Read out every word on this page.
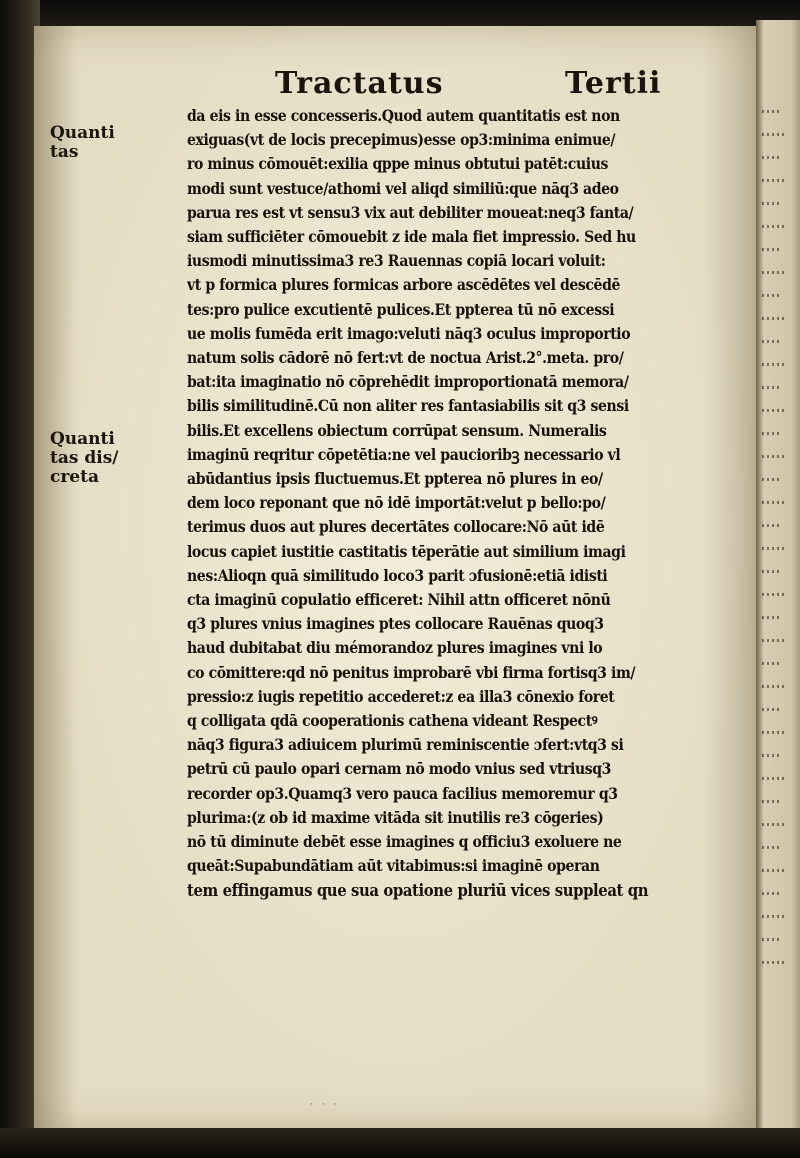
Tractatus	Tertii
Quanti
tas
Quanti
tas dis/
creta
da eis in esse concesseris.Quod autem quantitatis est non
exiguas(vt de locis precepimus)esse op3:minima enimue/
ro minus cōmouēt:exilia qppe minus obtutui patēt:cuius
modi sunt vestuce/athomi vel aliqd similiū:que nāq3 adeo
parua res est vt sensu3 vix aut debiliter moueat:neq3 fanta/
siam sufficiēter cōmouebit z ide mala fiet impressio. Sed hu
iusmodi minutissima3 re3 Rauennas copiā locari voluit:
vt p formica plures formicas arbore ascēdētes vel descēdē
tes:pro pulice excutientē pulices.Et ppterea tū nō excessi
ue molis fumēda erit imago:veluti nāq3 oculus improportio
natum solis cādorē nō fert:vt de noctua Arist.2°.meta. pro/
bat:ita imaginatio nō cōprehēdit improportionatā memora/
bilis similitudinē.Cū non aliter res fantasiabilis sit q3 sensi
bilis.Et excellens obiectum corrūpat sensum. Numeralis
imaginū reqritur cōpetētia:ne vel paucioribꝫ necessario vl
abūdantius ipsis fluctuemus.Et ppterea nō plures in eo/
dem loco reponant que nō idē importāt:velut p bello:po/
terimus duos aut plures decertātes collocare:Nō aūt idē
locus capiet iustitie castitatis tēperātie aut similium imagi
nes:Alioqn quā similitudo loco3 parit ɔfusionē:etiā idisti
cta imaginū copulatio efficeret: Nihil attn officeret nōnū
q3 plures vnius imagines ptes collocare Rauēnas quoq3
haud dubitabat diu mémorandoz plures imagines vni lo
co cōmittere:qd nō penitus improbarē vbi firma fortisq3 im/
pressio:z iugis repetitio accederet:z ea illa3 cōnexio foret
q colligata qdā cooperationis cathena videant Respectꝰ
nāq3 figura3 adiuicem plurimū reminiscentie ɔfert:vtq3 si
petrū cū paulo opari cernam nō modo vnius sed vtriusq3
recorder op3.Quamq3 vero pauca facilius memoremur q3
plurima:(z ob id maxime vitāda sit inutilis re3 cōgeries)
nō tū diminute debēt esse imagines q officiu3 exoluere ne
queāt:Supabundātiam aūt vitabimus:si imaginē operan
tem effingamus que sua opatione pluriū vices suppleat qn
· · ·
